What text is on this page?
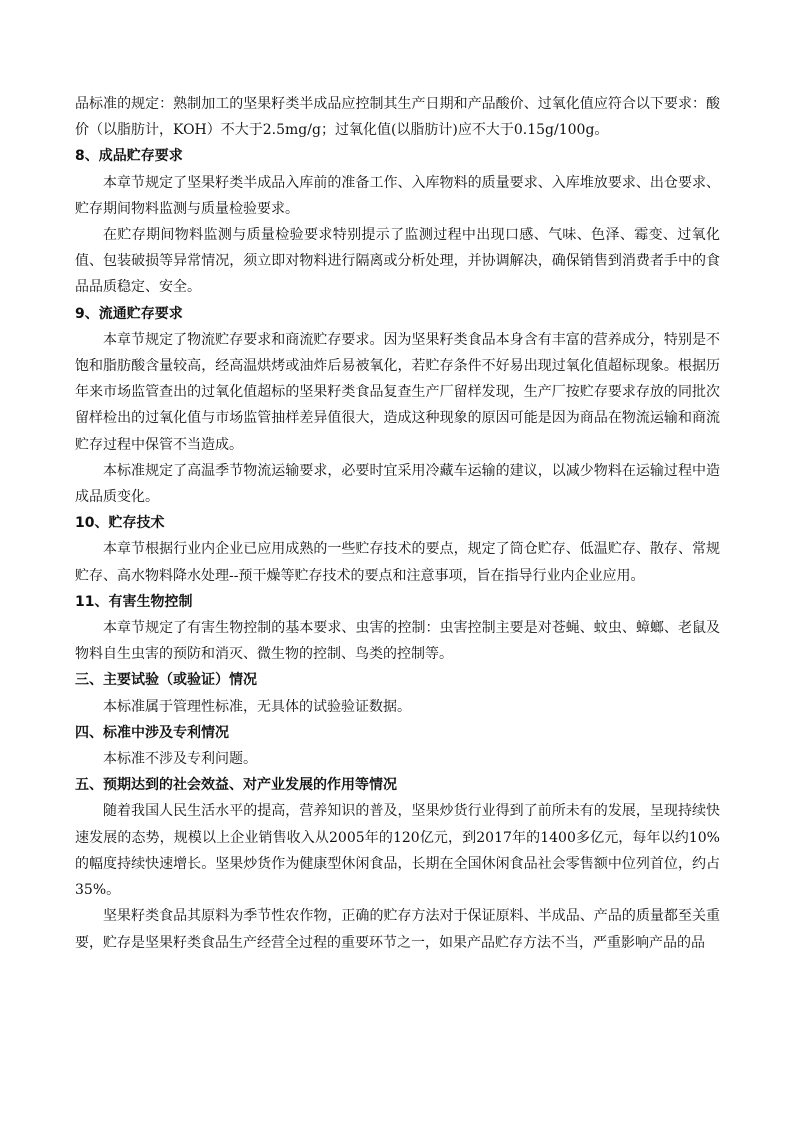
品标准的规定：熟制加工的坚果籽类半成品应控制其生产日期和产品酸价、过氧化值应符合以下要求：酸价（以脂肪计，KOH）不大于2.5mg/g；过氧化值(以脂肪计)应不大于0.15g/100g。

8、成品贮存要求

本章节规定了坚果籽类半成品入库前的准备工作、入库物料的质量要求、入库堆放要求、出仓要求、贮存期间物料监测与质量检验要求。

在贮存期间物料监测与质量检验要求特别提示了监测过程中出现口感、气味、色泽、霉变、过氧化值、包装破损等异常情况，须立即对物料进行隔离或分析处理，并协调解决，确保销售到消费者手中的食品品质稳定、安全。

9、流通贮存要求

本章节规定了物流贮存要求和商流贮存要求。因为坚果籽类食品本身含有丰富的营养成分，特别是不饱和脂肪酸含量较高，经高温烘烤或油炸后易被氧化，若贮存条件不好易出现过氧化值超标现象。根据历年来市场监管查出的过氧化值超标的坚果籽类食品复查生产厂留样发现，生产厂按贮存要求存放的同批次留样检出的过氧化值与市场监管抽样差异值很大，造成这种现象的原因可能是因为商品在物流运输和商流贮存过程中保管不当造成。

本标准规定了高温季节物流运输要求，必要时宜采用冷藏车运输的建议，以减少物料在运输过程中造成品质变化。

10、贮存技术

本章节根据行业内企业已应用成熟的一些贮存技术的要点，规定了筒仓贮存、低温贮存、散存、常规贮存、高水物料降水处理--预干燥等贮存技术的要点和注意事项，旨在指导行业内企业应用。

11、有害生物控制

本章节规定了有害生物控制的基本要求、虫害的控制：虫害控制主要是对苍蝇、蚊虫、蟑螂、老鼠及物料自生虫害的预防和消灭、微生物的控制、鸟类的控制等。

三、主要试验（或验证）情况

本标准属于管理性标准，无具体的试验验证数据。

四、标准中涉及专利情况

本标准不涉及专利问题。

五、预期达到的社会效益、对产业发展的作用等情况

随着我国人民生活水平的提高，营养知识的普及，坚果炒货行业得到了前所未有的发展，呈现持续快速发展的态势，规模以上企业销售收入从2005年的120亿元，到2017年的1400多亿元，每年以约10%的幅度持续快速增长。坚果炒货作为健康型休闲食品，长期在全国休闲食品社会零售额中位列首位，约占35%。

坚果籽类食品其原料为季节性农作物，正确的贮存方法对于保证原料、半成品、产品的质量都至关重要，贮存是坚果籽类食品生产经营全过程的重要环节之一，如果产品贮存方法不当，严重影响产品的品
